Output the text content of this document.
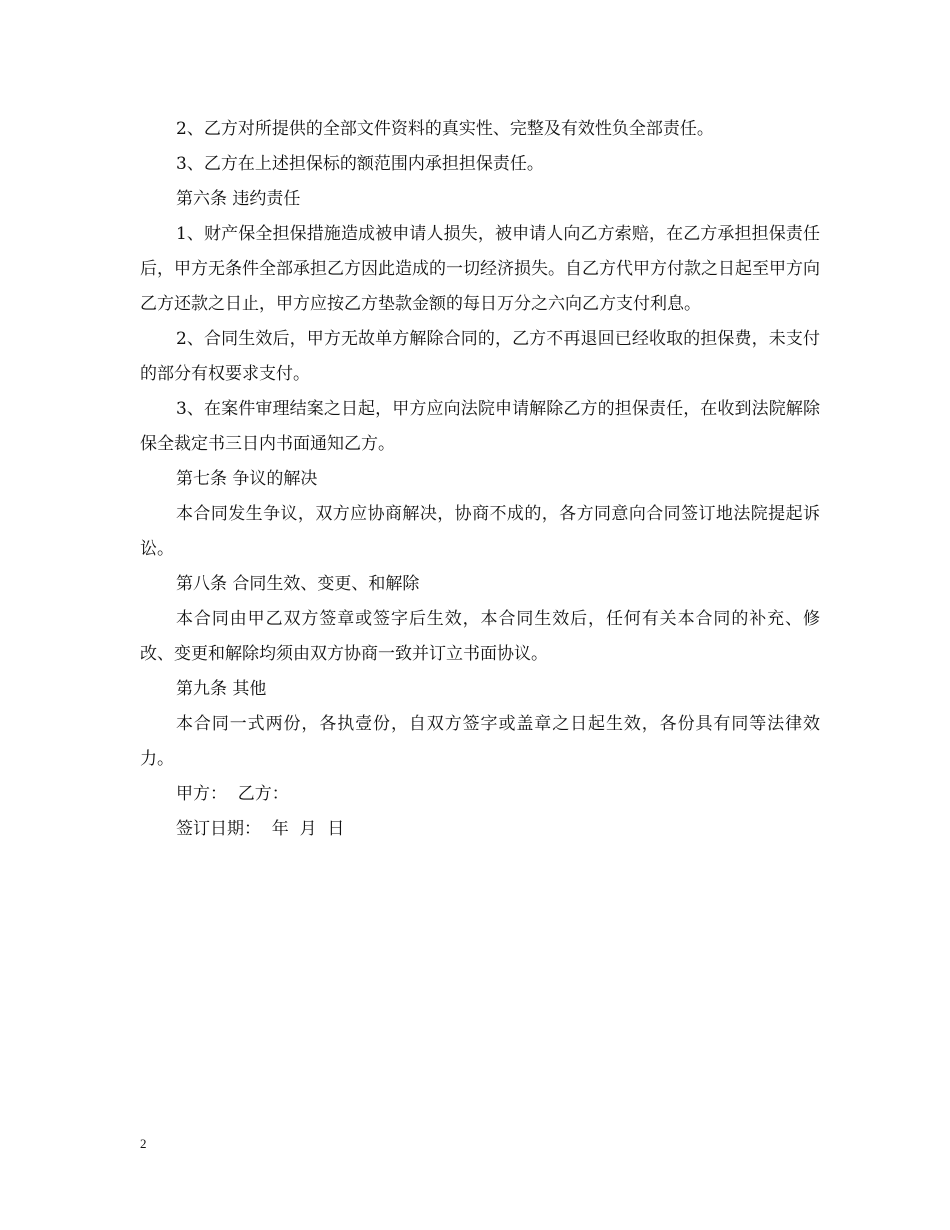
2、乙方对所提供的全部文件资料的真实性、完整及有效性负全部责任。

3、乙方在上述担保标的额范围内承担担保责任。

第六条 违约责任

1、财产保全担保措施造成被申请人损失，被申请人向乙方索赔，在乙方承担担保责任后，甲方无条件全部承担乙方因此造成的一切经济损失。自乙方代甲方付款之日起至甲方向乙方还款之日止，甲方应按乙方垫款金额的每日万分之六向乙方支付利息。

2、合同生效后，甲方无故单方解除合同的，乙方不再退回已经收取的担保费，未支付的部分有权要求支付。

3、在案件审理结案之日起，甲方应向法院申请解除乙方的担保责任，在收到法院解除保全裁定书三日内书面通知乙方。

第七条 争议的解决

本合同发生争议，双方应协商解决，协商不成的，各方同意向合同签订地法院提起诉讼。

第八条 合同生效、变更、和解除

本合同由甲乙双方签章或签字后生效，本合同生效后，任何有关本合同的补充、修改、变更和解除均须由双方协商一致并订立书面协议。

第九条 其他

本合同一式两份，各执壹份，自双方签字或盖章之日起生效，各份具有同等法律效力。

甲方：  乙方：

签订日期：  年  月  日

2
